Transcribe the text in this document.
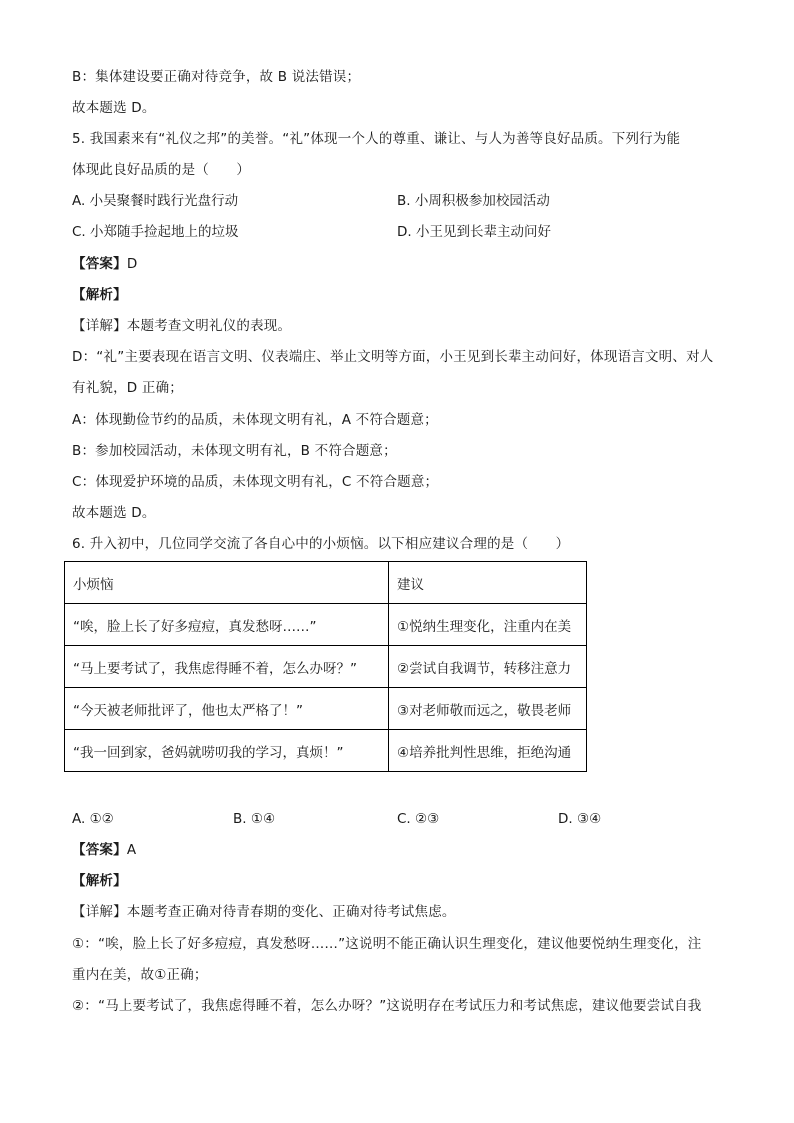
B：集体建设要正确对待竞争，故 B 说法错误；
故本题选 D。
5. 我国素来有“礼仪之邦”的美誉。“礼”体现一个人的尊重、谦让、与人为善等良好品质。下列行为能
体现此良好品质的是（　　）
A. 小吴聚餐时践行光盘行动	B. 小周积极参加校园活动
C. 小郑随手捡起地上的垃圾	D. 小王见到长辈主动问好
【答案】D
【解析】
【详解】本题考查文明礼仪的表现。
D：“礼”主要表现在语言文明、仪表端庄、举止文明等方面，小王见到长辈主动问好，体现语言文明、对人
有礼貌，D 正确；
A：体现勤俭节约的品质，未体现文明有礼，A 不符合题意；
B：参加校园活动，未体现文明有礼，B 不符合题意；
C：体现爱护环境的品质，未体现文明有礼，C 不符合题意；
故本题选 D。
6. 升入初中，几位同学交流了各自心中的小烦恼。以下相应建议合理的是（　　）
小烦恼	建议
“唉，脸上长了好多痘痘，真发愁呀……”	①悦纳生理变化，注重内在美
“马上要考试了，我焦虑得睡不着，怎么办呀？”	②尝试自我调节，转移注意力
“今天被老师批评了，他也太严格了！”	③对老师敬而远之，敬畏老师
“我一回到家，爸妈就唠叨我的学习，真烦！”	④培养批判性思维，拒绝沟通
A. ①②	B. ①④	C. ②③	D. ③④
【答案】A
【解析】
【详解】本题考查正确对待青春期的变化、正确对待考试焦虑。
①：“唉，脸上长了好多痘痘，真发愁呀……”这说明不能正确认识生理变化，建议他要悦纳生理变化，注
重内在美，故①正确；
②：“马上要考试了，我焦虑得睡不着，怎么办呀？”这说明存在考试压力和考试焦虑，建议他要尝试自我
